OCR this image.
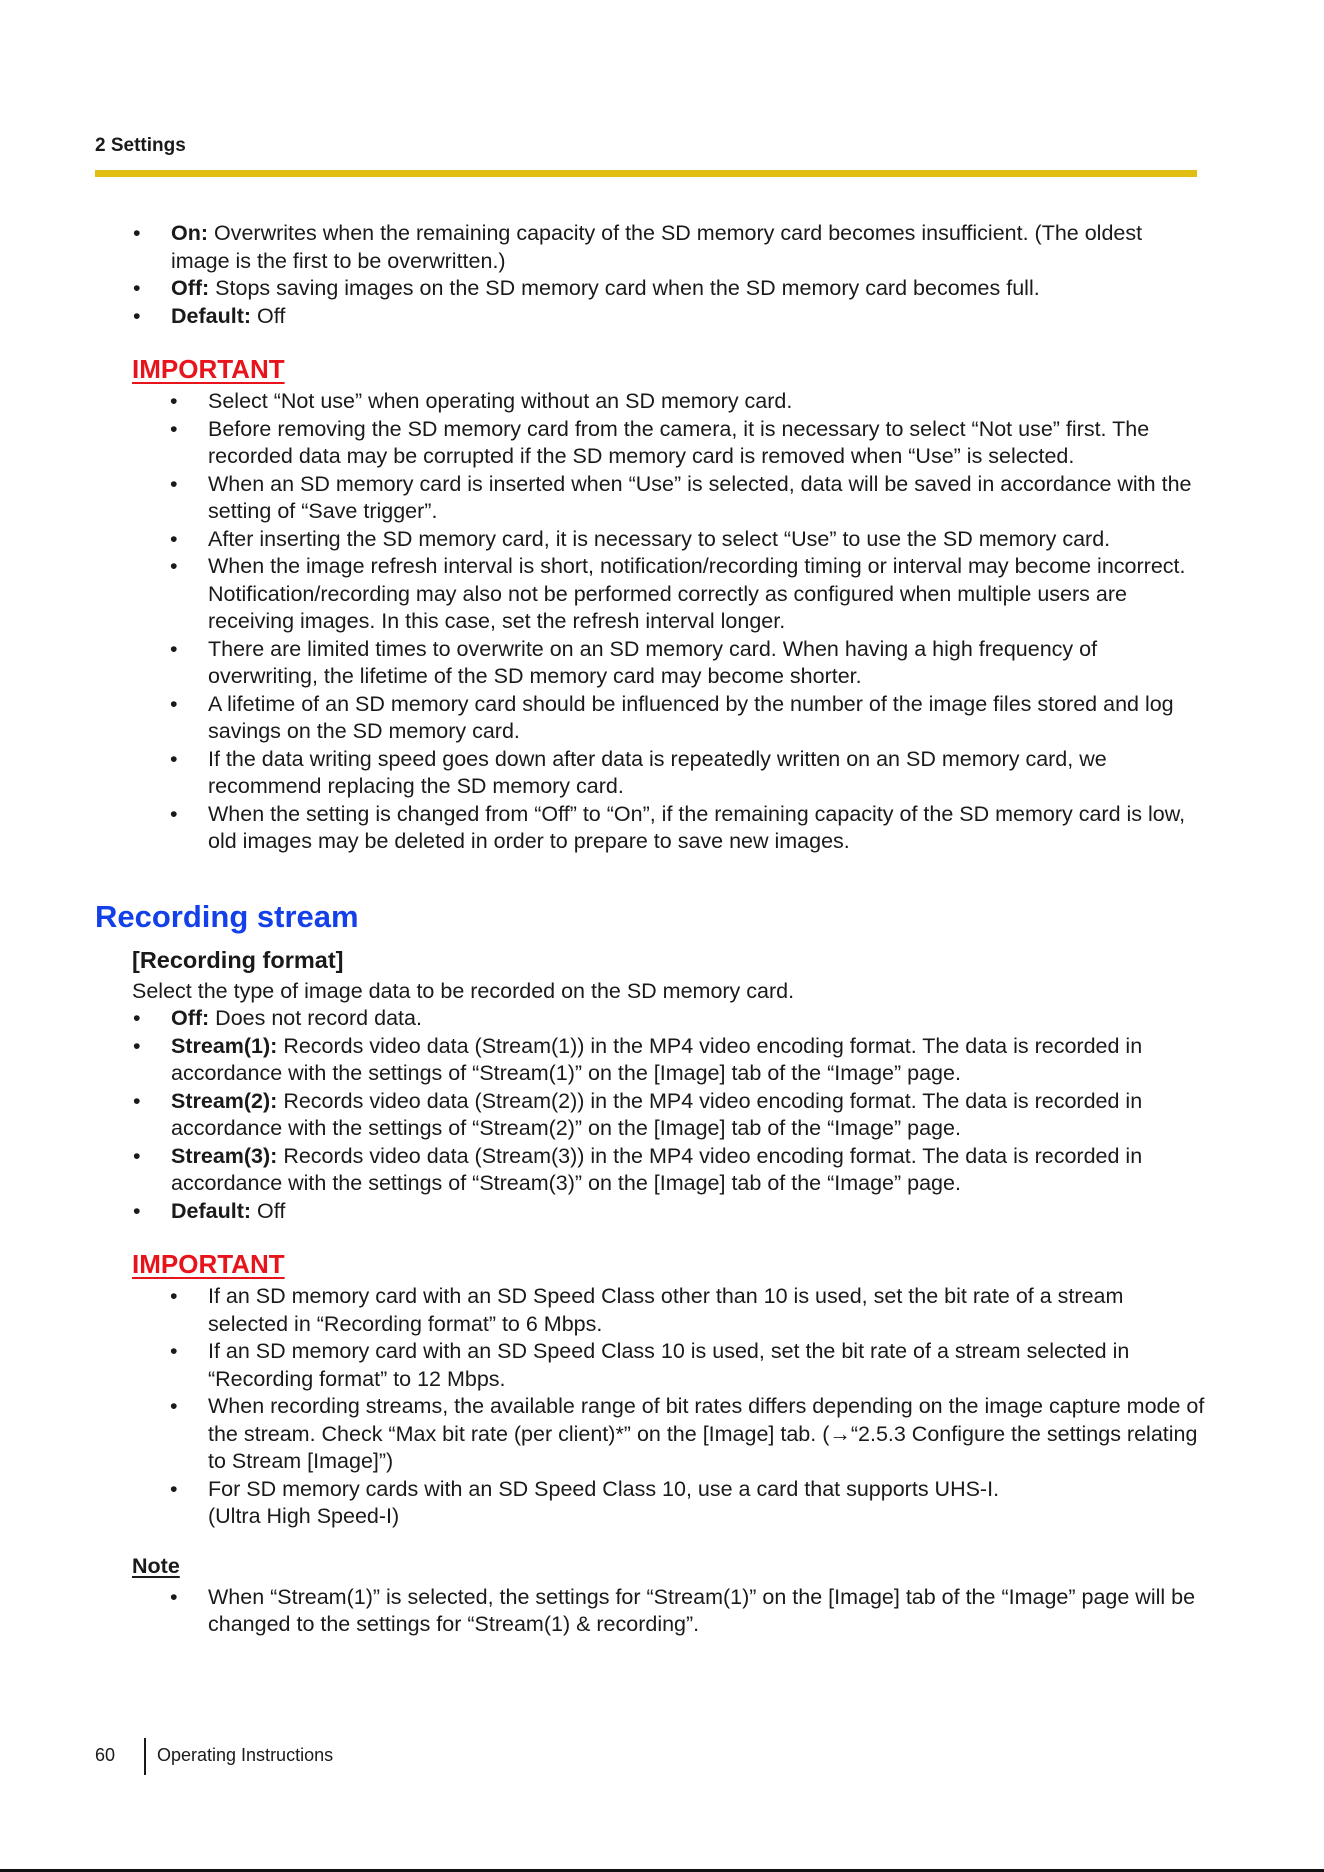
2 Settings
• On: Overwrites when the remaining capacity of the SD memory card becomes insufficient. (The oldest image is the first to be overwritten.)
• Off: Stops saving images on the SD memory card when the SD memory card becomes full.
• Default: Off
IMPORTANT
• Select “Not use” when operating without an SD memory card.
• Before removing the SD memory card from the camera, it is necessary to select “Not use” first. The recorded data may be corrupted if the SD memory card is removed when “Use” is selected.
• When an SD memory card is inserted when “Use” is selected, data will be saved in accordance with the setting of “Save trigger”.
• After inserting the SD memory card, it is necessary to select “Use” to use the SD memory card.
• When the image refresh interval is short, notification/recording timing or interval may become incorrect. Notification/recording may also not be performed correctly as configured when multiple users are receiving images. In this case, set the refresh interval longer.
• There are limited times to overwrite on an SD memory card. When having a high frequency of overwriting, the lifetime of the SD memory card may become shorter.
• A lifetime of an SD memory card should be influenced by the number of the image files stored and log savings on the SD memory card.
• If the data writing speed goes down after data is repeatedly written on an SD memory card, we recommend replacing the SD memory card.
• When the setting is changed from “Off” to “On”, if the remaining capacity of the SD memory card is low, old images may be deleted in order to prepare to save new images.
Recording stream
[Recording format]
Select the type of image data to be recorded on the SD memory card.
• Off: Does not record data.
• Stream(1): Records video data (Stream(1)) in the MP4 video encoding format. The data is recorded in accordance with the settings of “Stream(1)” on the [Image] tab of the “Image” page.
• Stream(2): Records video data (Stream(2)) in the MP4 video encoding format. The data is recorded in accordance with the settings of “Stream(2)” on the [Image] tab of the “Image” page.
• Stream(3): Records video data (Stream(3)) in the MP4 video encoding format. The data is recorded in accordance with the settings of “Stream(3)” on the [Image] tab of the “Image” page.
• Default: Off
IMPORTANT
• If an SD memory card with an SD Speed Class other than 10 is used, set the bit rate of a stream selected in “Recording format” to 6 Mbps.
• If an SD memory card with an SD Speed Class 10 is used, set the bit rate of a stream selected in “Recording format” to 12 Mbps.
• When recording streams, the available range of bit rates differs depending on the image capture mode of the stream. Check “Max bit rate (per client)*” on the [Image] tab. (→“2.5.3 Configure the settings relating to Stream [Image]”)
• For SD memory cards with an SD Speed Class 10, use a card that supports UHS-I.
(Ultra High Speed-I)
Note
• When “Stream(1)” is selected, the settings for “Stream(1)” on the [Image] tab of the “Image” page will be changed to the settings for “Stream(1) & recording”.
60 Operating Instructions
